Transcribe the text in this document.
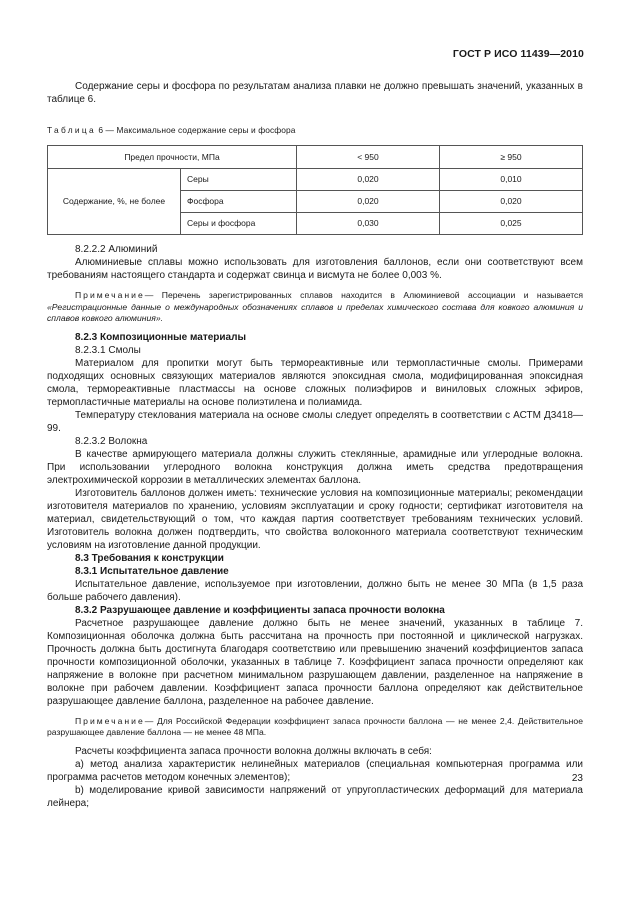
ГОСТ Р ИСО 11439—2010

Содержание серы и фосфора по результатам анализа плавки не должно превышать значений, указанных в таблице 6.

Таблица 6 — Максимальное содержание серы и фосфора
Предел прочности, МПа		< 950	≥ 950
Содержание, %, не более	Серы	0,020	0,010
	Фосфора	0,020	0,020
	Серы и фосфора	0,030	0,025

8.2.2.2 Алюминий

Алюминиевые сплавы можно использовать для изготовления баллонов, если они соответствуют всем требованиям настоящего стандарта и содержат свинца и висмута не более 0,003 %.

Примечание— Перечень зарегистрированных сплавов находится в Алюминиевой ассоциации и называется «Регистрационные данные о международных обозначениях сплавов и пределах химического состава для ковкого алюминия и сплавов ковкого алюминия».

8.2.3 Композиционные материалы

8.2.3.1 Смолы

Материалом для пропитки могут быть термореактивные или термопластичные смолы. Примерами подходящих основных связующих материалов являются эпоксидная смола, модифицированная эпоксидная смола, термореактивные пластмассы на основе сложных полиэфиров и виниловых сложных эфиров, термопластичные материалы на основе полиэтилена и полиамида.

Температуру стеклования материала на основе смолы следует определять в соответствии с АСТМ Д3418—99.

8.2.3.2 Волокна

В качестве армирующего материала должны служить стеклянные, арамидные или углеродные волокна. При использовании углеродного волокна конструкция должна иметь средства предотвращения электрохимической коррозии в металлических элементах баллона.

Изготовитель баллонов должен иметь: технические условия на композиционные материалы; рекомендации изготовителя материалов по хранению, условиям эксплуатации и сроку годности; сертификат изготовителя на материал, свидетельствующий о том, что каждая партия соответствует требованиям технических условий. Изготовитель волокна должен подтвердить, что свойства волоконного материала соответствуют техническим условиям на изготовление данной продукции.

8.3 Требования к конструкции

8.3.1 Испытательное давление

Испытательное давление, используемое при изготовлении, должно быть не менее 30 МПа (в 1,5 раза больше рабочего давления).

8.3.2 Разрушающее давление и коэффициенты запаса прочности волокна

Расчетное разрушающее давление должно быть не менее значений, указанных в таблице 7. Композиционная оболочка должна быть рассчитана на прочность при постоянной и циклической нагрузках. Прочность должна быть достигнута благодаря соответствию или превышению значений коэффициентов запаса прочности композиционной оболочки, указанных в таблице 7. Коэффициент запаса прочности определяют как напряжение в волокне при расчетном минимальном разрушающем давлении, разделенное на напряжение в волокне при рабочем давлении. Коэффициент запаса прочности баллона определяют как действительное разрушающее давление баллона, разделенное на рабочее давление.

Примечание— Для Российской Федерации коэффициент запаса прочности баллона — не менее 2,4. Действительное разрушающее давление баллона — не менее 48 МПа.

Расчеты коэффициента запаса прочности волокна должны включать в себя:

a) метод анализа характеристик нелинейных материалов (специальная компьютерная программа или программа расчетов методом конечных элементов);

b) моделирование кривой зависимости напряжений от упругопластических деформаций для материала лейнера;

23
